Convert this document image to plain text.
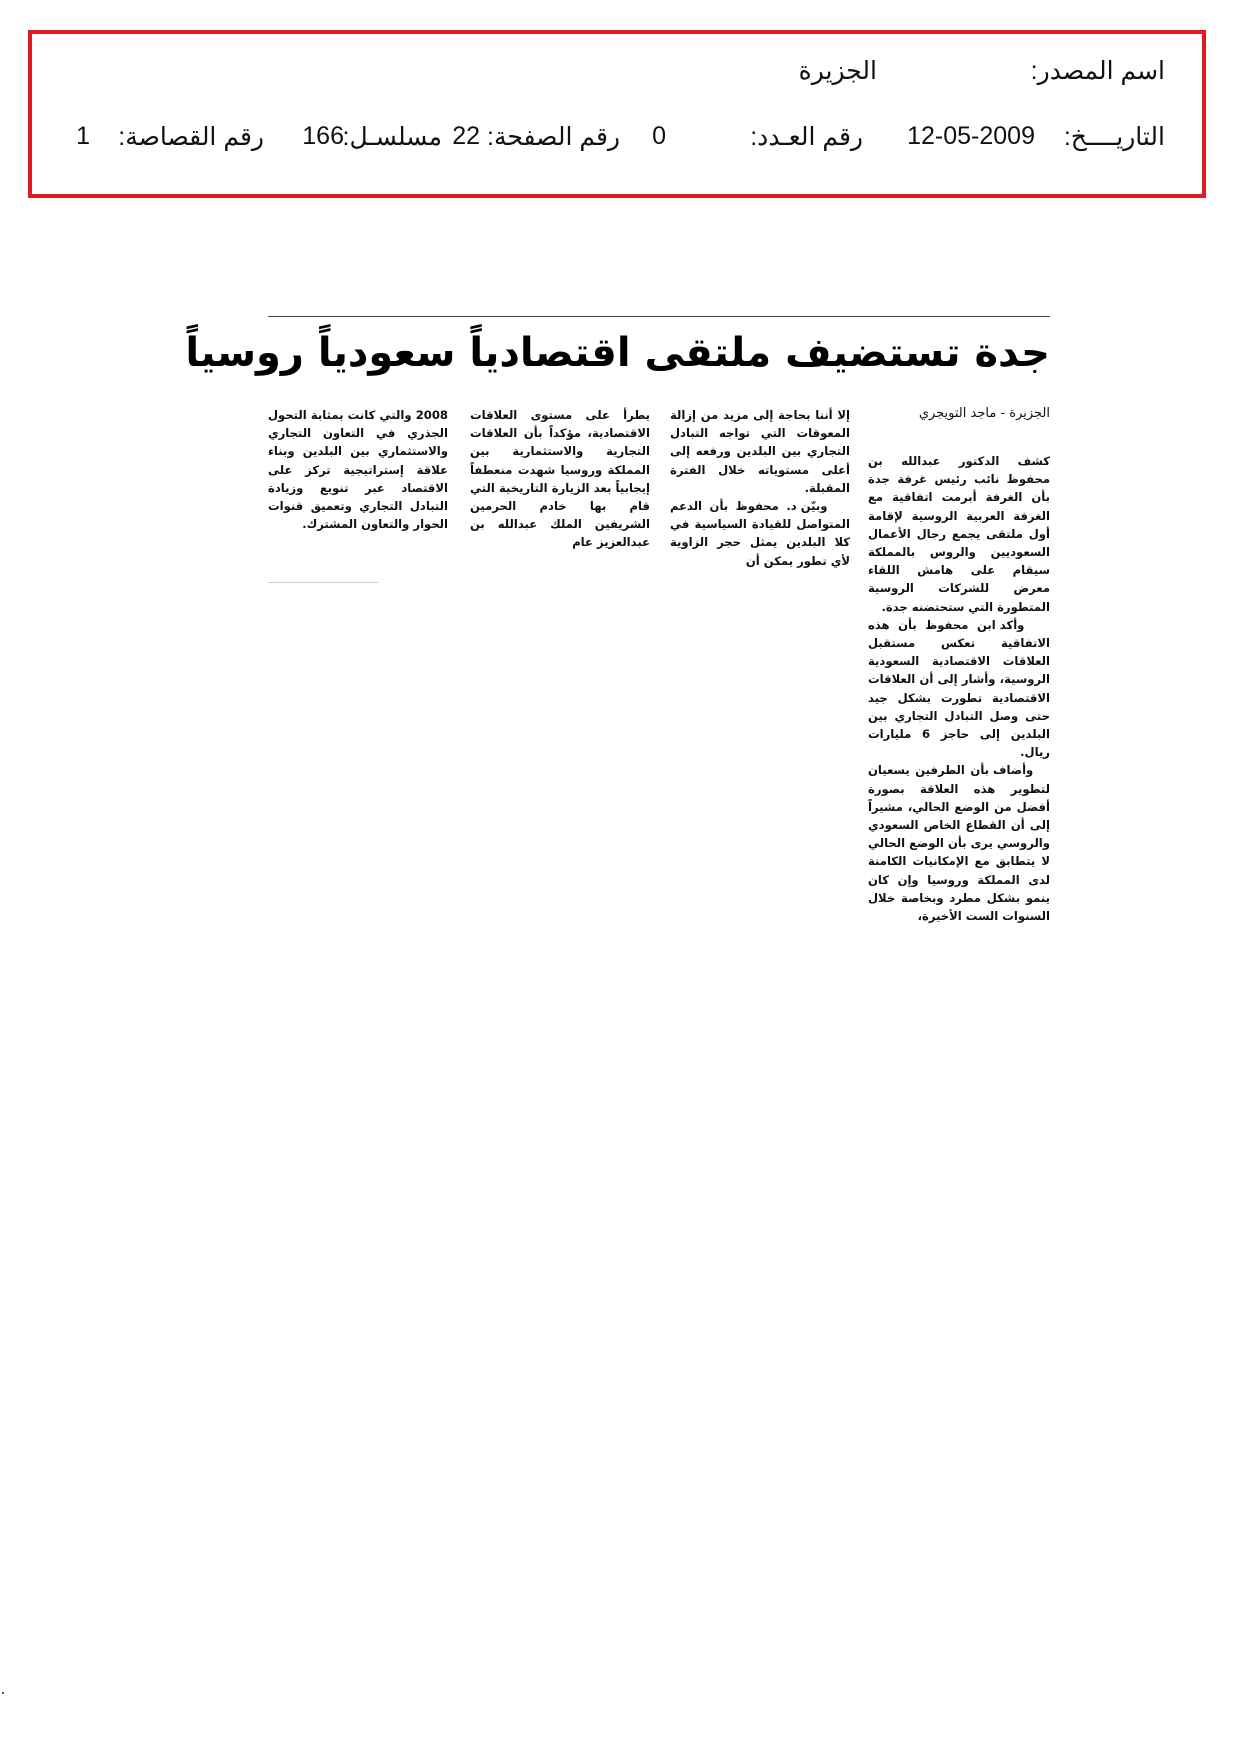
اسم المصدر:
الجزيرة
التاريــــخ:
12-05-2009
رقم العـدد:
0
رقم الصفحة:
22
مسلسـل:
166
رقم القصاصة:
1
جدة تستضيف ملتقى اقتصادياً سعودياً روسياً
الجزيرة - ماجد التويجري
كشف الدكتور عبدالله بن محفوظ نائب رئيس غرفة جدة بأن الغرفة أبرمت اتفاقية مع الغرفة العربية الروسية لإقامة أول ملتقى يجمع رجال الأعمال السعوديين والروس بالمملكة سيقام على هامش اللقاء معرض للشركات الروسية المتطورة التي ستحتضنه جدة.
وأكد ابن محفوظ بأن هذه الاتفاقية تعكس مستقبل العلاقات الاقتصادية السعودية الروسية، وأشار إلى أن العلاقات الاقتصادية تطورت بشكل جيد حتى وصل التبادل التجاري بين البلدين إلى حاجز 6 مليارات ريال.
وأضاف بأن الطرفين يسعيان لتطوير هذه العلاقة بصورة أفضل من الوضع الحالي، مشيراً إلى أن القطاع الخاص السعودي والروسي يرى بأن الوضع الحالي لا يتطابق مع الإمكانيات الكامنة لدى المملكة وروسيا وإن كان ينمو بشكل مطرد وبخاصة خلال السنوات الست الأخيرة،
إلا أننا بحاجة إلى مزيد من إزالة المعوقات التي تواجه التبادل التجاري بين البلدين ورفعه إلى أعلى مستوياته خلال الفترة المقبلة.
وبيّن د. محفوظ بأن الدعم المتواصل للقيادة السياسية في كلا البلدين يمثل حجر الزاوية لأي تطور يمكن أن
يطرأ على مستوى العلاقات الاقتصادية، مؤكداً بأن العلاقات التجارية والاستثمارية بين المملكة وروسيا شهدت منعطفاً إيجابياً بعد الزيارة التاريخية التي قام بها خادم الحرمين الشريفين الملك عبدالله بن عبدالعزيز عام
2008 والتي كانت بمثابة التحول الجذري في التعاون التجاري والاستثماري بين البلدين وبناء علاقة إستراتيجية تركز على الاقتصاد عبر تنويع وزيادة التبادل التجاري وتعميق قنوات الحوار والتعاون المشترك.
